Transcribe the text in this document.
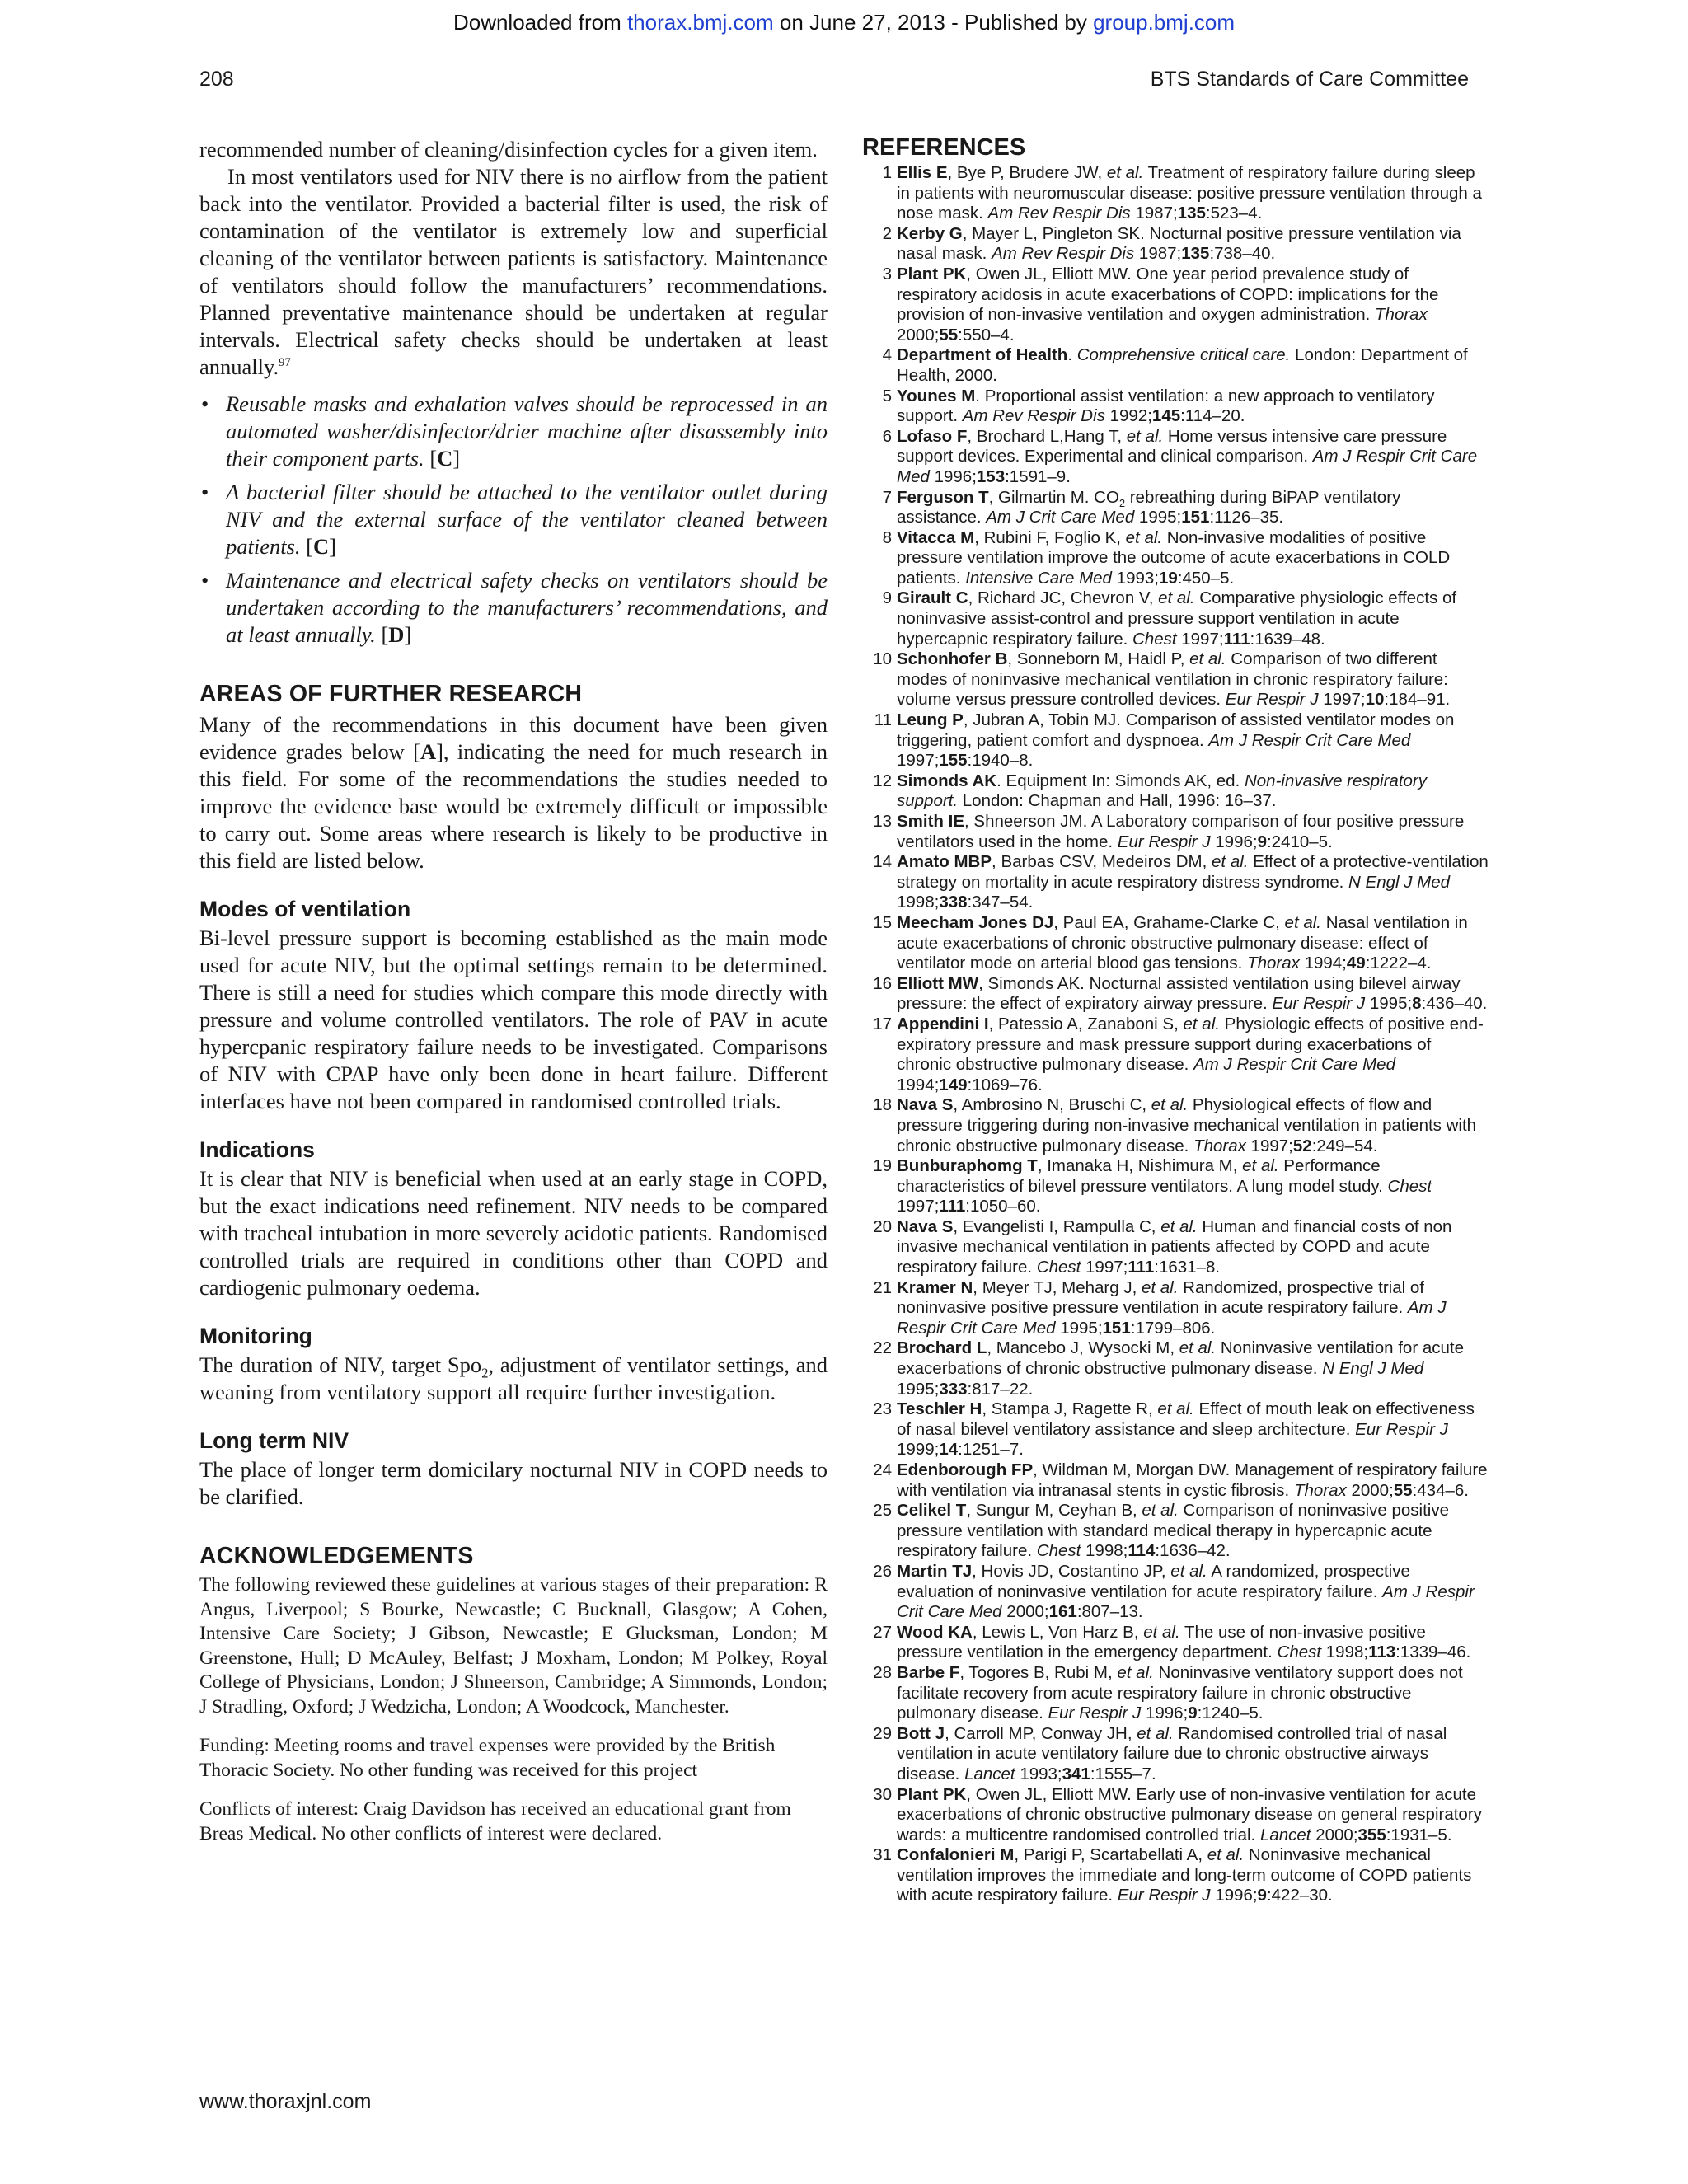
Downloaded from thorax.bmj.com on June 27, 2013 - Published by group.bmj.com
208	BTS Standards of Care Committee

recommended number of cleaning/disinfection cycles for a given item.

In most ventilators used for NIV there is no airflow from the patient back into the ventilator. Provided a bacterial filter is used, the risk of contamination of the ventilator is extremely low and superficial cleaning of the ventilator between patients is satisfactory. Maintenance of ventilators should follow the manufacturers’ recommendations. Planned preventative maintenance should be undertaken at regular intervals. Electrical safety checks should be undertaken at least annually.$^{97}$

• Reusable masks and exhalation valves should be reprocessed in an automated washer/disinfector/drier machine after disassembly into their component parts. [C]
• A bacterial filter should be attached to the ventilator outlet during NIV and the external surface of the ventilator cleaned between patients. [C]
• Maintenance and electrical safety checks on ventilators should be undertaken according to the manufacturers’ recommendations, and at least annually. [D]
AREAS OF FURTHER RESEARCH

Many of the recommendations in this document have been given evidence grades below [A], indicating the need for much research in this field. For some of the recommendations the studies needed to improve the evidence base would be extremely difficult or impossible to carry out. Some areas where research is likely to be productive in this field are listed below.

Modes of ventilation

Bi-level pressure support is becoming established as the main mode used for acute NIV, but the optimal settings remain to be determined. There is still a need for studies which compare this mode directly with pressure and volume controlled ventilators. The role of PAV in acute hypercpanic respiratory failure needs to be investigated. Comparisons of NIV with CPAP have only been done in heart failure. Different interfaces have not been compared in randomised controlled trials.

Indications

It is clear that NIV is beneficial when used at an early stage in COPD, but the exact indications need refinement. NIV needs to be compared with tracheal intubation in more severely acidotic patients. Randomised controlled trials are required in conditions other than COPD and cardiogenic pulmonary oedema.

Monitoring

The duration of NIV, target Spo$_2$, adjustment of ventilator settings, and weaning from ventilatory support all require further investigation.

Long term NIV

The place of longer term domicilary nocturnal NIV in COPD needs to be clarified.

ACKNOWLEDGEMENTS

The following reviewed these guidelines at various stages of their preparation: R Angus, Liverpool; S Bourke, Newcastle; C Bucknall, Glasgow; A Cohen, Intensive Care Society; J Gibson, Newcastle; E Glucksman, London; M Greenstone, Hull; D McAuley, Belfast; J Moxham, London; M Polkey, Royal College of Physicians, London; J Shneerson, Cambridge; A Simmonds, London; J Stradling, Oxford; J Wedzicha, London; A Woodcock, Manchester.

Funding: Meeting rooms and travel expenses were provided by the British Thoracic Society. No other funding was received for this project

Conflicts of interest: Craig Davidson has received an educational grant from Breas Medical. No other conflicts of interest were declared.

REFERENCES
1 Ellis E, Bye P, Brudere JW, et al. Treatment of respiratory failure during sleep in patients with neuromuscular disease: positive pressure ventilation through a nose mask. Am Rev Respir Dis 1987;135:523–4.
2 Kerby G, Mayer L, Pingleton SK. Nocturnal positive pressure ventilation via nasal mask. Am Rev Respir Dis 1987;135:738–40.
3 Plant PK, Owen JL, Elliott MW. One year period prevalence study of respiratory acidosis in acute exacerbations of COPD: implications for the provision of non-invasive ventilation and oxygen administration. Thorax 2000;55:550–4.
4 Department of Health. Comprehensive critical care. London: Department of Health, 2000.
5 Younes M. Proportional assist ventilation: a new approach to ventilatory support. Am Rev Respir Dis 1992;145:114–20.
6 Lofaso F, Brochard L,Hang T, et al. Home versus intensive care pressure support devices. Experimental and clinical comparison. Am J Respir Crit Care Med 1996;153:1591–9.
7 Ferguson T, Gilmartin M. $CO_2$ rebreathing during BiPAP ventilatory assistance. Am J Crit Care Med 1995;151:1126–35.
8 Vitacca M, Rubini F, Foglio K, et al. Non-invasive modalities of positive pressure ventilation improve the outcome of acute exacerbations in COLD patients. Intensive Care Med 1993;19:450–5.
9 Girault C, Richard JC, Chevron V, et al. Comparative physiologic effects of noninvasive assist-control and pressure support ventilation in acute hypercapnic respiratory failure. Chest 1997;111:1639–48.
10 Schonhofer B, Sonneborn M, Haidl P, et al. Comparison of two different modes of noninvasive mechanical ventilation in chronic respiratory failure: volume versus pressure controlled devices. Eur Respir J 1997;10:184–91.
11 Leung P, Jubran A, Tobin MJ. Comparison of assisted ventilator modes on triggering, patient comfort and dyspnoea. Am J Respir Crit Care Med 1997;155:1940–8.
12 Simonds AK. Equipment In: Simonds AK, ed. Non-invasive respiratory support. London: Chapman and Hall, 1996: 16–37.
13 Smith IE, Shneerson JM. A Laboratory comparison of four positive pressure ventilators used in the home. Eur Respir J 1996;9:2410–5.
14 Amato MBP, Barbas CSV, Medeiros DM, et al. Effect of a protective-ventilation strategy on mortality in acute respiratory distress syndrome. N Engl J Med 1998;338:347–54.
15 Meecham Jones DJ, Paul EA, Grahame-Clarke C, et al. Nasal ventilation in acute exacerbations of chronic obstructive pulmonary disease: effect of ventilator mode on arterial blood gas tensions. Thorax 1994;49:1222–4.
16 Elliott MW, Simonds AK. Nocturnal assisted ventilation using bilevel airway pressure: the effect of expiratory airway pressure. Eur Respir J 1995;8:436–40.
17 Appendini I, Patessio A, Zanaboni S, et al. Physiologic effects of positive end-expiratory pressure and mask pressure support during exacerbations of chronic obstructive pulmonary disease. Am J Respir Crit Care Med 1994;149:1069–76.
18 Nava S, Ambrosino N, Bruschi C, et al. Physiological effects of flow and pressure triggering during non-invasive mechanical ventilation in patients with chronic obstructive pulmonary disease. Thorax 1997;52:249–54.
19 Bunburaphomg T, Imanaka H, Nishimura M, et al. Performance characteristics of bilevel pressure ventilators. A lung model study. Chest 1997;111:1050–60.
20 Nava S, Evangelisti I, Rampulla C, et al. Human and financial costs of non invasive mechanical ventilation in patients affected by COPD and acute respiratory failure. Chest 1997;111:1631–8.
21 Kramer N, Meyer TJ, Meharg J, et al. Randomized, prospective trial of noninvasive positive pressure ventilation in acute respiratory failure. Am J Respir Crit Care Med 1995;151:1799–806.
22 Brochard L, Mancebo J, Wysocki M, et al. Noninvasive ventilation for acute exacerbations of chronic obstructive pulmonary disease. N Engl J Med 1995;333:817–22.
23 Teschler H, Stampa J, Ragette R, et al. Effect of mouth leak on effectiveness of nasal bilevel ventilatory assistance and sleep architecture. Eur Respir J 1999;14:1251–7.
24 Edenborough FP, Wildman M, Morgan DW. Management of respiratory failure with ventilation via intranasal stents in cystic fibrosis. Thorax 2000;55:434–6.
25 Celikel T, Sungur M, Ceyhan B, et al. Comparison of noninvasive positive pressure ventilation with standard medical therapy in hypercapnic acute respiratory failure. Chest 1998;114:1636–42.
26 Martin TJ, Hovis JD, Costantino JP, et al. A randomized, prospective evaluation of noninvasive ventilation for acute respiratory failure. Am J Respir Crit Care Med 2000;161:807–13.
27 Wood KA, Lewis L, Von Harz B, et al. The use of non-invasive positive pressure ventilation in the emergency department. Chest 1998;113:1339–46.
28 Barbe F, Togores B, Rubi M, et al. Noninvasive ventilatory support does not facilitate recovery from acute respiratory failure in chronic obstructive pulmonary disease. Eur Respir J 1996;9:1240–5.
29 Bott J, Carroll MP, Conway JH, et al. Randomised controlled trial of nasal ventilation in acute ventilatory failure due to chronic obstructive airways disease. Lancet 1993;341:1555–7.
30 Plant PK, Owen JL, Elliott MW. Early use of non-invasive ventilation for acute exacerbations of chronic obstructive pulmonary disease on general respiratory wards: a multicentre randomised controlled trial. Lancet 2000;355:1931–5.
31 Confalonieri M, Parigi P, Scartabellati A, et al. Noninvasive mechanical ventilation improves the immediate and long-term outcome of COPD patients with acute respiratory failure. Eur Respir J 1996;9:422–30.
www.thoraxjnl.com
